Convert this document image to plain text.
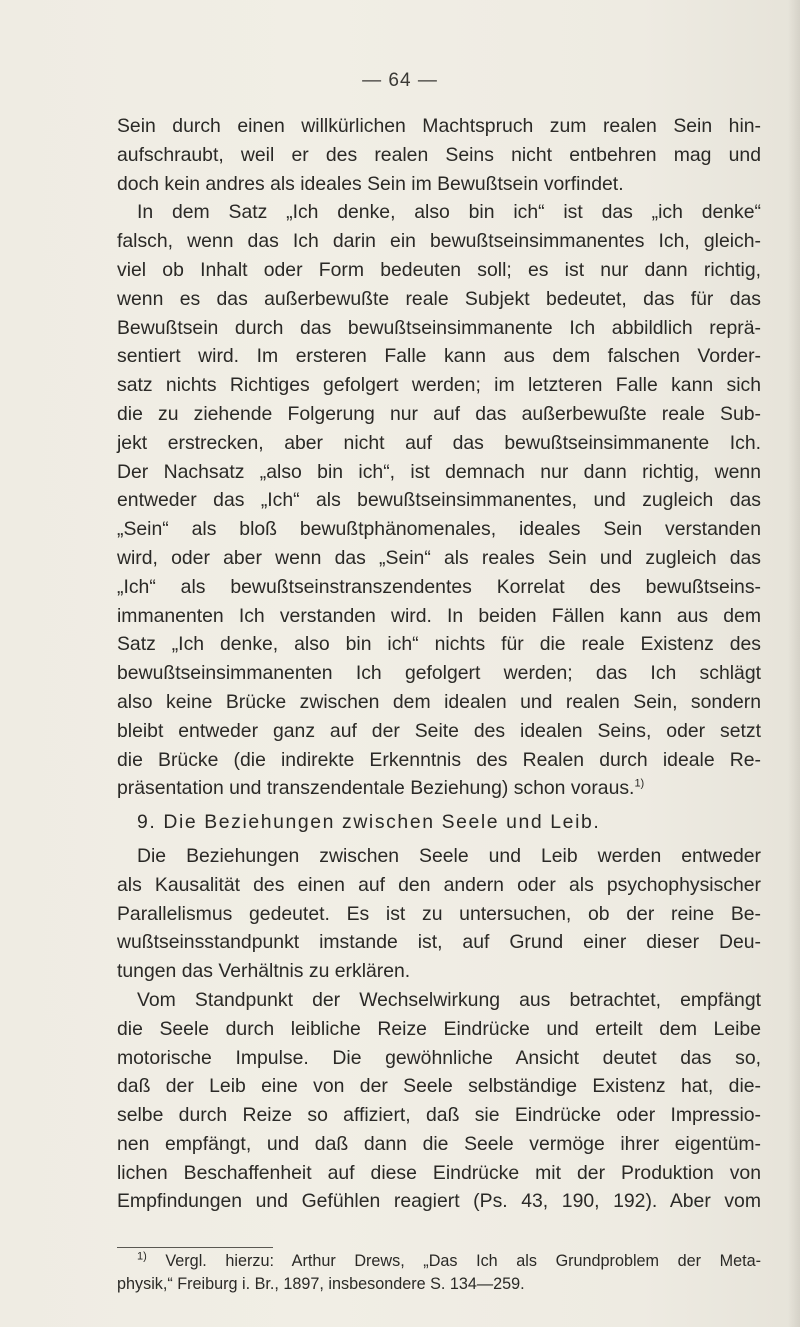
— 64 —
Sein durch einen willkürlichen Machtspruch zum realen Sein hin-
aufschraubt, weil er des realen Seins nicht entbehren mag und
doch kein andres als ideales Sein im Bewußtsein vorfindet.
In dem Satz „Ich denke, also bin ich“ ist das „ich denke“
falsch, wenn das Ich darin ein bewußtseinsimmanentes Ich, gleich-
viel ob Inhalt oder Form bedeuten soll; es ist nur dann richtig,
wenn es das außerbewußte reale Subjekt bedeutet, das für das
Bewußtsein durch das bewußtseinsimmanente Ich abbildlich reprä-
sentiert wird. Im ersteren Falle kann aus dem falschen Vorder-
satz nichts Richtiges gefolgert werden; im letzteren Falle kann sich
die zu ziehende Folgerung nur auf das außerbewußte reale Sub-
jekt erstrecken, aber nicht auf das bewußtseinsimmanente Ich.
Der Nachsatz „also bin ich“, ist demnach nur dann richtig, wenn
entweder das „Ich“ als bewußtseinsimmanentes, und zugleich das
„Sein“ als bloß bewußtphänomenales, ideales Sein verstanden
wird, oder aber wenn das „Sein“ als reales Sein und zugleich das
„Ich“ als bewußtseinstranszendentes Korrelat des bewußtseins-
immanenten Ich verstanden wird. In beiden Fällen kann aus dem
Satz „Ich denke, also bin ich“ nichts für die reale Existenz des
bewußtseinsimmanenten Ich gefolgert werden; das Ich schlägt
also keine Brücke zwischen dem idealen und realen Sein, sondern
bleibt entweder ganz auf der Seite des idealen Seins, oder setzt
die Brücke (die indirekte Erkenntnis des Realen durch ideale Re-
präsentation und transzendentale Beziehung) schon voraus.$^{1)}$
9. Die Beziehungen zwischen Seele und Leib.
Die Beziehungen zwischen Seele und Leib werden entweder
als Kausalität des einen auf den andern oder als psychophysischer
Parallelismus gedeutet. Es ist zu untersuchen, ob der reine Be-
wußtseinsstandpunkt imstande ist, auf Grund einer dieser Deu-
tungen das Verhältnis zu erklären.
Vom Standpunkt der Wechselwirkung aus betrachtet, empfängt
die Seele durch leibliche Reize Eindrücke und erteilt dem Leibe
motorische Impulse. Die gewöhnliche Ansicht deutet das so,
daß der Leib eine von der Seele selbständige Existenz hat, die-
selbe durch Reize so affiziert, daß sie Eindrücke oder Impressio-
nen empfängt, und daß dann die Seele vermöge ihrer eigentüm-
lichen Beschaffenheit auf diese Eindrücke mit der Produktion von
Empfindungen und Gefühlen reagiert (Ps. 43, 190, 192). Aber vom
$^{1)}$ Vergl. hierzu: Arthur Drews, „Das Ich als Grundproblem der Meta-
physik,“ Freiburg i. Br., 1897, insbesondere S. 134—259.
